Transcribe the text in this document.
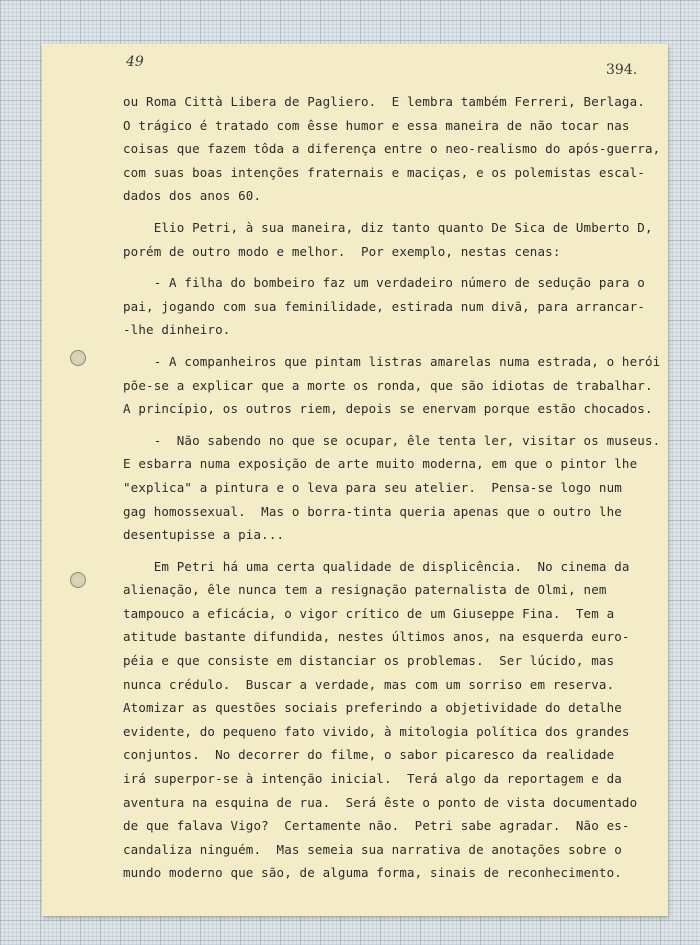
49	394.
ou Roma Città Libera de Pagliero.  E lembra também Ferreri, Berlaga.
O trágico é tratado com êsse humor e essa maneira de não tocar nas
coisas que fazem tôda a diferença entre o neo-realismo do após-guerra,
com suas boas intenções fraternais e maciças, e os polemistas escal-
dados dos anos 60.
Elio Petri, à sua maneira, diz tanto quanto De Sica de Umberto D,
porém de outro modo e melhor.  Por exemplo, nestas cenas:
- A filha do bombeiro faz um verdadeiro número de sedução para o
pai, jogando com sua feminilidade, estirada num divã, para arrancar-
-lhe dinheiro.
- A companheiros que pintam listras amarelas numa estrada, o herói
põe-se a explicar que a morte os ronda, que são idiotas de trabalhar.
A princípio, os outros riem, depois se enervam porque estão chocados.
-  Não sabendo no que se ocupar, êle tenta ler, visitar os museus.
E esbarra numa exposição de arte muito moderna, em que o pintor lhe
"explica" a pintura e o leva para seu atelier.  Pensa-se logo num
gag homossexual.  Mas o borra-tinta queria apenas que o outro lhe
desentupisse a pia...
Em Petri há uma certa qualidade de displicência.  No cinema da
alienação, êle nunca tem a resignação paternalista de Olmi, nem
tampouco a eficácia, o vigor crítico de um Giuseppe Fina.  Tem a
atitude bastante difundida, nestes últimos anos, na esquerda euro-
péia e que consiste em distanciar os problemas.  Ser lúcido, mas
nunca crédulo.  Buscar a verdade, mas com um sorriso em reserva.
Atomizar as questões sociais preferindo a objetividade do detalhe
evidente, do pequeno fato vivido, à mitologia política dos grandes
conjuntos.  No decorrer do filme, o sabor picaresco da realidade
irá superpor-se à intenção inicial.  Terá algo da reportagem e da
aventura na esquina de rua.  Será êste o ponto de vista documentado
de que falava Vigo?  Certamente não.  Petri sabe agradar.  Não es-
candaliza ninguém.  Mas semeia sua narrativa de anotações sobre o
mundo moderno que são, de alguma forma, sinais de reconhecimento.
